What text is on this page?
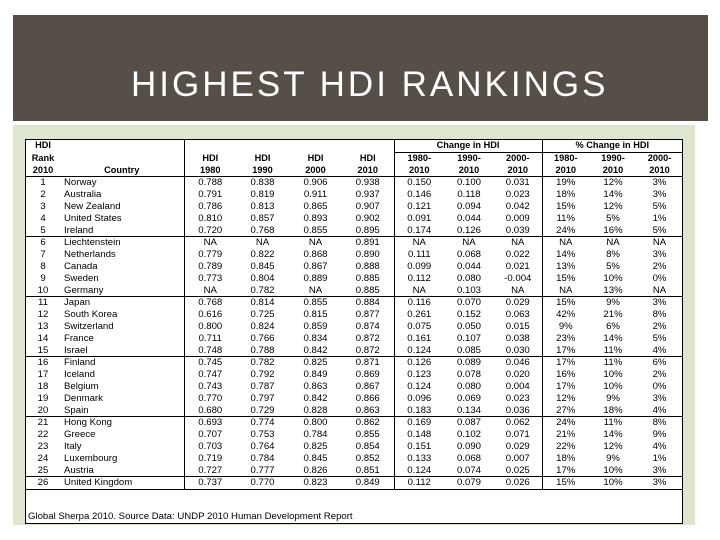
HIGHEST HDI RANKINGS
HDI						Change in HDI			% Change in HDI		
Rank		HDI	HDI	HDI	HDI	1980-	1990-	2000-	1980-	1990-	2000-
2010	Country	1980	1990	2000	2010	2010	2010	2010	2010	2010	2010
1	Norway	0.788	0.838	0.906	0.938	0.150	0.100	0.031	19%	12%	3%
2	Australia	0.791	0.819	0.911	0.937	0.146	0.118	0.023	18%	14%	3%
3	New Zealand	0.786	0.813	0.865	0.907	0.121	0.094	0.042	15%	12%	5%
4	United States	0.810	0.857	0.893	0.902	0.091	0.044	0.009	11%	5%	1%
5	Ireland	0.720	0.768	0.855	0.895	0.174	0.126	0.039	24%	16%	5%
6	Liechtenstein	NA	NA	NA	0.891	NA	NA	NA	NA	NA	NA
7	Netherlands	0.779	0.822	0.868	0.890	0.111	0.068	0.022	14%	8%	3%
8	Canada	0.789	0.845	0.867	0.888	0.099	0.044	0.021	13%	5%	2%
9	Sweden	0.773	0.804	0.889	0.885	0.112	0.080	-0.004	15%	10%	0%
10	Germany	NA	0.782	NA	0.885	NA	0.103	NA	NA	13%	NA
11	Japan	0.768	0.814	0.855	0.884	0.116	0.070	0.029	15%	9%	3%
12	South Korea	0.616	0.725	0.815	0.877	0.261	0.152	0.063	42%	21%	8%
13	Switzerland	0.800	0.824	0.859	0.874	0.075	0.050	0.015	9%	6%	2%
14	France	0.711	0.766	0.834	0.872	0.161	0.107	0.038	23%	14%	5%
15	Israel	0.748	0.788	0.842	0.872	0.124	0.085	0.030	17%	11%	4%
16	Finland	0.745	0.782	0.825	0.871	0.126	0.089	0.046	17%	11%	6%
17	Iceland	0.747	0.792	0.849	0.869	0.123	0.078	0.020	16%	10%	2%
18	Belgium	0.743	0.787	0.863	0.867	0.124	0.080	0.004	17%	10%	0%
19	Denmark	0.770	0.797	0.842	0.866	0.096	0.069	0.023	12%	9%	3%
20	Spain	0.680	0.729	0.828	0.863	0.183	0.134	0.036	27%	18%	4%
21	Hong Kong	0.693	0.774	0.800	0.862	0.169	0.087	0.062	24%	11%	8%
22	Greece	0.707	0.753	0.784	0.855	0.148	0.102	0.071	21%	14%	9%
23	Italy	0.703	0.764	0.825	0.854	0.151	0.090	0.029	22%	12%	4%
24	Luxembourg	0.719	0.784	0.845	0.852	0.133	0.068	0.007	18%	9%	1%
25	Austria	0.727	0.777	0.826	0.851	0.124	0.074	0.025	17%	10%	3%
26	United Kingdom	0.737	0.770	0.823	0.849	0.112	0.079	0.026	15%	10%	3%
Global Sherpa 2010. Source Data: UNDP 2010 Human Development Report
